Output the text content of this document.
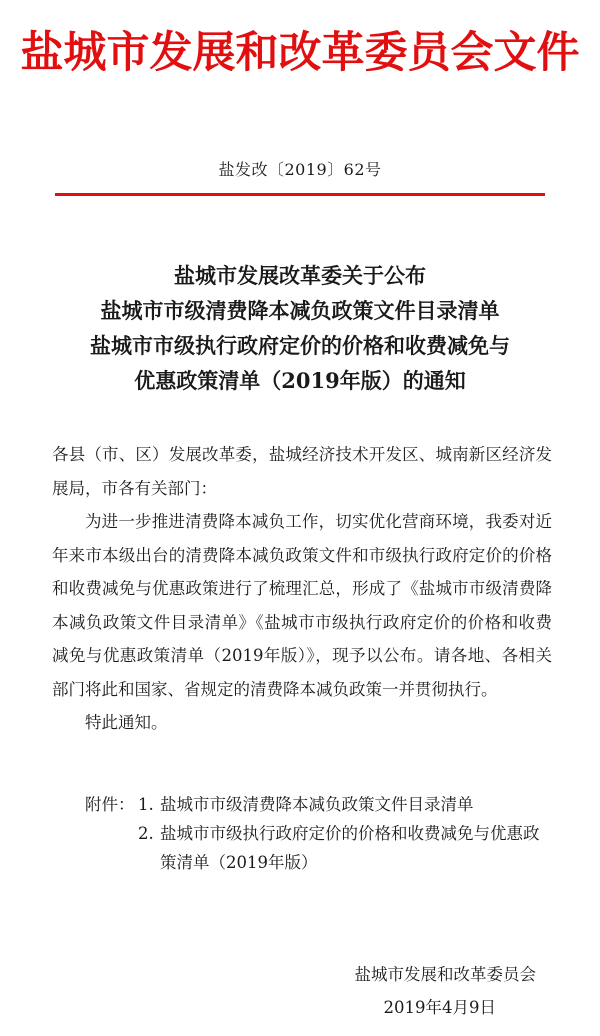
盐城市发展和改革委员会文件
盐发改〔2019〕62号
盐城市发展改革委关于公布
盐城市市级清费降本减负政策文件目录清单
盐城市市级执行政府定价的价格和收费减免与
优惠政策清单（2019年版）的通知

各县（市、区）发展改革委，盐城经济技术开发区、城南新区经济发展局，市各有关部门：

为进一步推进清费降本减负工作，切实优化营商环境，我委对近年来市本级出台的清费降本减负政策文件和市级执行政府定价的价格和收费减免与优惠政策进行了梳理汇总，形成了《盐城市市级清费降本减负政策文件目录清单》《盐城市市级执行政府定价的价格和收费减免与优惠政策清单（2019年版）》，现予以公布。请各地、各相关部门将此和国家、省规定的清费降本减负政策一并贯彻执行。

特此通知。

附件： 1. 盐城市市级清费降本减负政策文件目录清单
2. 盐城市市级执行政府定价的价格和收费减免与优惠政策清单（2019年版）
盐城市发展和改革委员会
2019年4月9日
